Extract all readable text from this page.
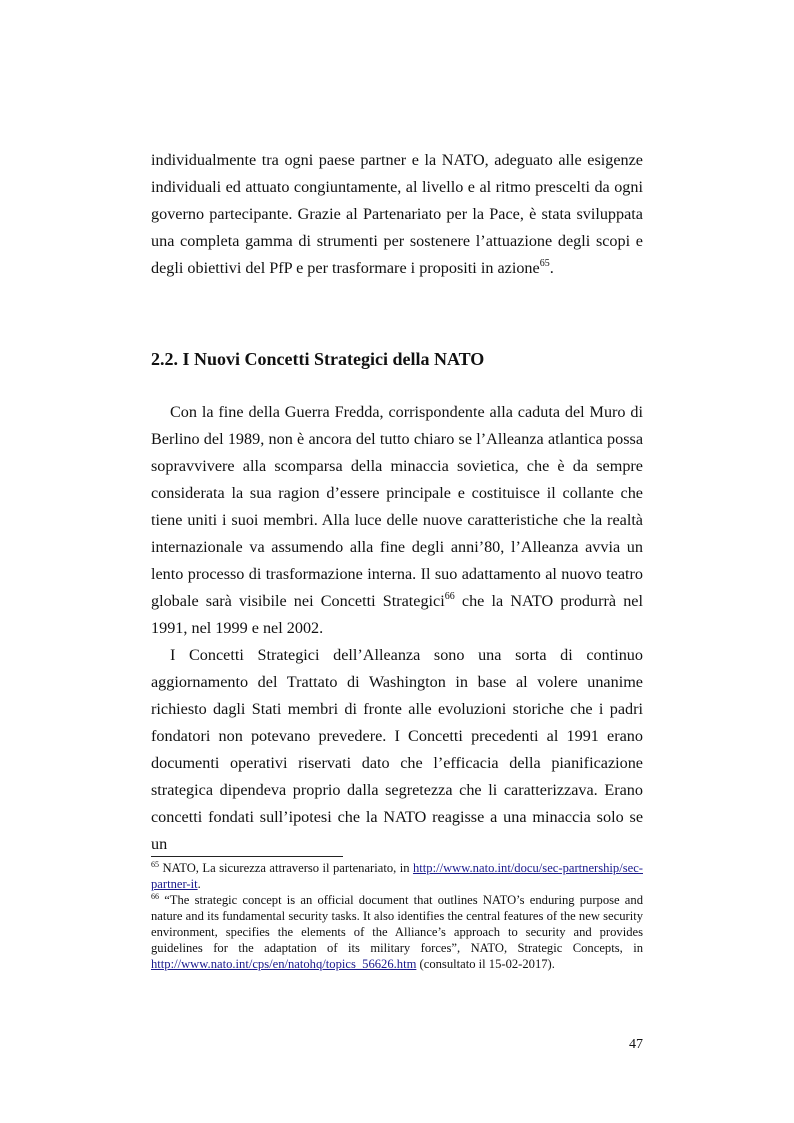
individualmente tra ogni paese partner e la NATO, adeguato alle esigenze individuali ed attuato congiuntamente, al livello e al ritmo prescelti da ogni governo partecipante. Grazie al Partenariato per la Pace, è stata sviluppata una completa gamma di strumenti per sostenere l’attuazione degli scopi e degli obiettivi del PfP e per trasformare i propositi in azione$^{65}$.

2.2. I Nuovi Concetti Strategici della NATO

Con la fine della Guerra Fredda, corrispondente alla caduta del Muro di Berlino del 1989, non è ancora del tutto chiaro se l’Alleanza atlantica possa sopravvivere alla scomparsa della minaccia sovietica, che è da sempre considerata la sua ragion d’essere principale e costituisce il collante che tiene uniti i suoi membri. Alla luce delle nuove caratteristiche che la realtà internazionale va assumendo alla fine degli anni’80, l’Alleanza avvia un lento processo di trasformazione interna. Il suo adattamento al nuovo teatro globale sarà visibile nei Concetti Strategici$^{66}$ che la NATO produrrà nel 1991, nel 1999 e nel 2002.

I Concetti Strategici dell’Alleanza sono una sorta di continuo aggiornamento del Trattato di Washington in base al volere unanime richiesto dagli Stati membri di fronte alle evoluzioni storiche che i padri fondatori non potevano prevedere. I Concetti precedenti al 1991 erano documenti operativi riservati dato che l’efficacia della pianificazione strategica dipendeva proprio dalla segretezza che li caratterizzava. Erano concetti fondati sull’ipotesi che la NATO reagisse a una minaccia solo se un

$^{65}$ NATO, La sicurezza attraverso il partenariato, in http://www.nato.int/docu/sec-partnership/sec-partner-it.

$^{66}$ “The strategic concept is an official document that outlines NATO’s enduring purpose and nature and its fundamental security tasks. It also identifies the central features of the new security environment, specifies the elements of the Alliance’s approach to security and provides guidelines for the adaptation of its military forces”, NATO, Strategic Concepts, in http://www.nato.int/cps/en/natohq/topics_56626.htm (consultato il 15-02-2017).

47
